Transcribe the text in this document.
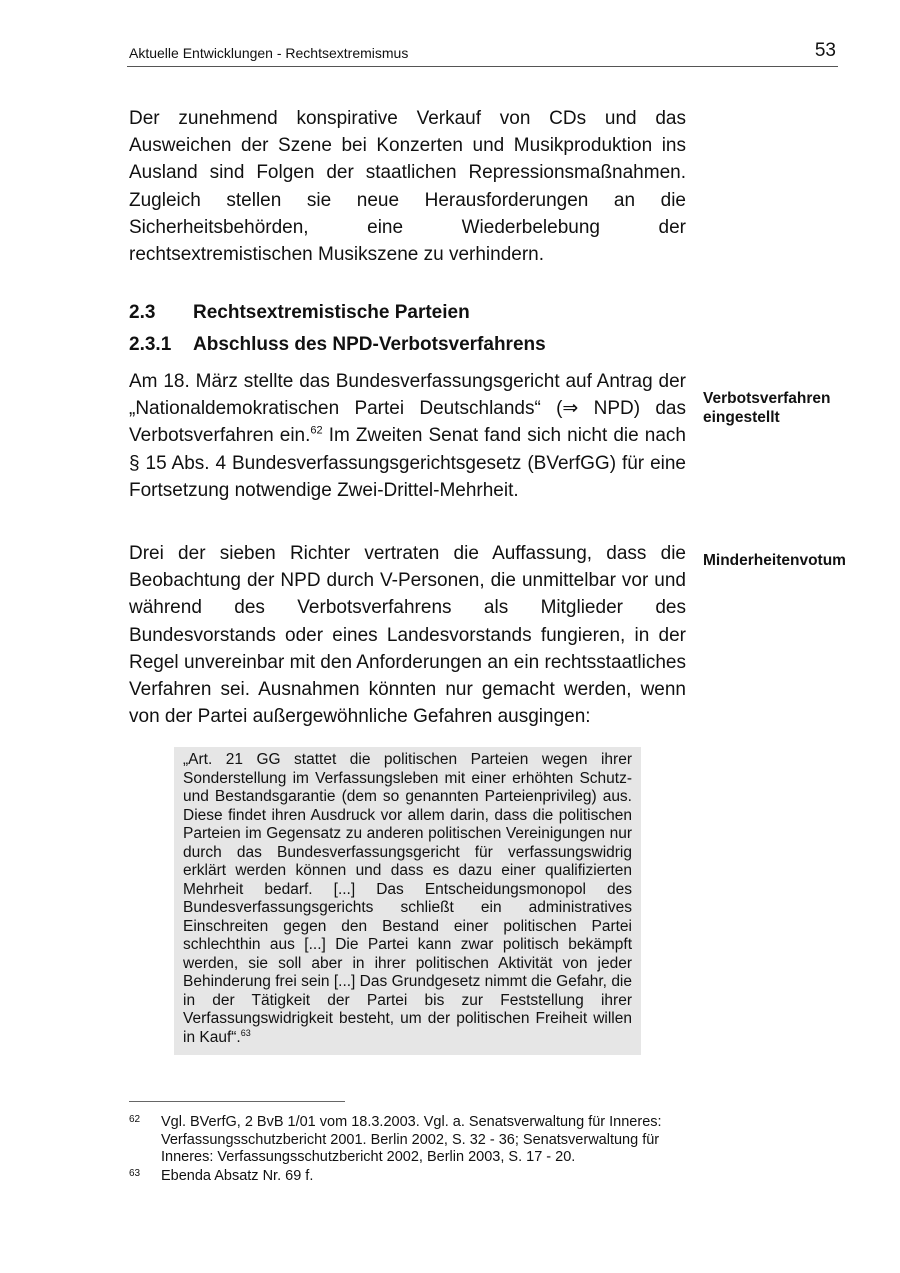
Aktuelle Entwicklungen - Rechtsextremismus	53
Der zunehmend konspirative Verkauf von CDs und das Ausweichen der Szene bei Konzerten und Musikproduktion ins Ausland sind Folgen der staatlichen Repressionsmaßnahmen. Zugleich stellen sie neue Herausforderungen an die Sicherheitsbehörden, eine Wiederbelebung der rechtsextremistischen Musikszene zu verhindern.
2.3 Rechtsextremistische Parteien
2.3.1 Abschluss des NPD-Verbotsverfahrens
Am 18. März stellte das Bundesverfassungsgericht auf Antrag der „Nationaldemokratischen Partei Deutschlands“ (⇒ NPD) das Verbotsverfahren ein.$^{62}$ Im Zweiten Senat fand sich nicht die nach § 15 Abs. 4 Bundesverfassungsgerichtsgesetz (BVerfGG) für eine Fortsetzung notwendige Zwei-Drittel-Mehrheit.
Verbotsverfahren eingestellt
Drei der sieben Richter vertraten die Auffassung, dass die Beobachtung der NPD durch V-Personen, die unmittelbar vor und während des Verbotsverfahrens als Mitglieder des Bundesvorstands oder eines Landesvorstands fungieren, in der Regel unvereinbar mit den Anforderungen an ein rechtsstaatliches Verfahren sei. Ausnahmen könnten nur gemacht werden, wenn von der Partei außergewöhnliche Gefahren ausgingen:
Minderheitenvotum

„Art. 21 GG stattet die politischen Parteien wegen ihrer Sonderstellung im Verfassungsleben mit einer erhöhten Schutz- und Bestandsgarantie (dem so genannten Parteienprivileg) aus. Diese findet ihren Ausdruck vor allem darin, dass die politischen Parteien im Gegensatz zu anderen politischen Vereinigungen nur durch das Bundesverfassungsgericht für verfassungswidrig erklärt werden können und dass es dazu einer qualifizierten Mehrheit bedarf. [...] Das Entscheidungsmonopol des Bundesverfassungsgerichts schließt ein administratives Einschreiten gegen den Bestand einer politischen Partei schlechthin aus [...] Die Partei kann zwar politisch bekämpft werden, sie soll aber in ihrer politischen Aktivität von jeder Behinderung frei sein [...] Das Grundgesetz nimmt die Gefahr, die in der Tätigkeit der Partei bis zur Feststellung ihrer Verfassungswidrigkeit besteht, um der politischen Freiheit willen in Kauf“.$^{63}$

62 Vgl. BVerfG, 2 BvB 1/01 vom 18.3.2003. Vgl. a. Senatsverwaltung für Inneres: Verfassungsschutzbericht 2001. Berlin 2002, S. 32 - 36; Senatsverwaltung für Inneres: Verfassungsschutzbericht 2002, Berlin 2003, S. 17 - 20.
63 Ebenda Absatz Nr. 69 f.
